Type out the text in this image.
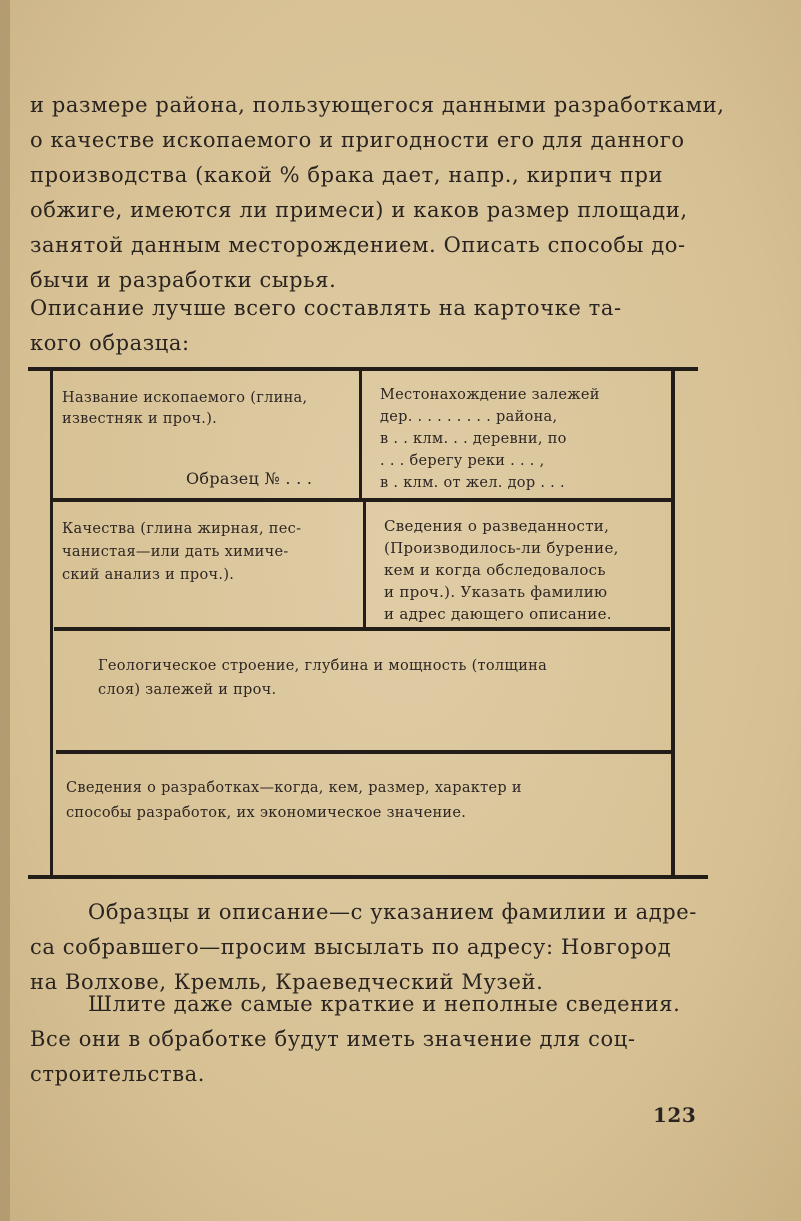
и размере района, пользующегося данными разработками,
о качестве ископаемого и пригодности его для данного
производства (какой % брака дает, напр., кирпич при
обжиге, имеются ли примеси) и каков размер площади,
занятой данным месторождением. Описать способы до-
бычи и разработки сырья.

Описание лучше всего составлять на карточке та-
кого образца:

Название ископаемого (глина,
известняк и проч.).
Образец № . . .
Местонахождение залежей
дер. . . . . . . . . района,
в . . клм. . . деревни, по
. . . берегу реки . . . ,
в . клм. от жел. дор . . .
Качества (глина жирная, пес-
чанистая—или дать химиче-
ский анализ и проч.).
Сведения о разведанности,
(Производилось-ли бурение,
кем и когда обследовалось
и проч.). Указать фамилию
и адрес дающего описание.
Геологическое строение, глубина и мощность (толщина
слоя) залежей и проч.
Сведения о разработках—когда, кем, размер, характер и
способы разработок, их экономическое значение.

Образцы и описание—с указанием фамилии и адре-
са собравшего—просим высылать по адресу: Новгород
на Волхове, Кремль, Краеведческий Музей.

Шлите даже самые краткие и неполные сведения.
Все они в обработке будут иметь значение для соц-
строительства.

123
